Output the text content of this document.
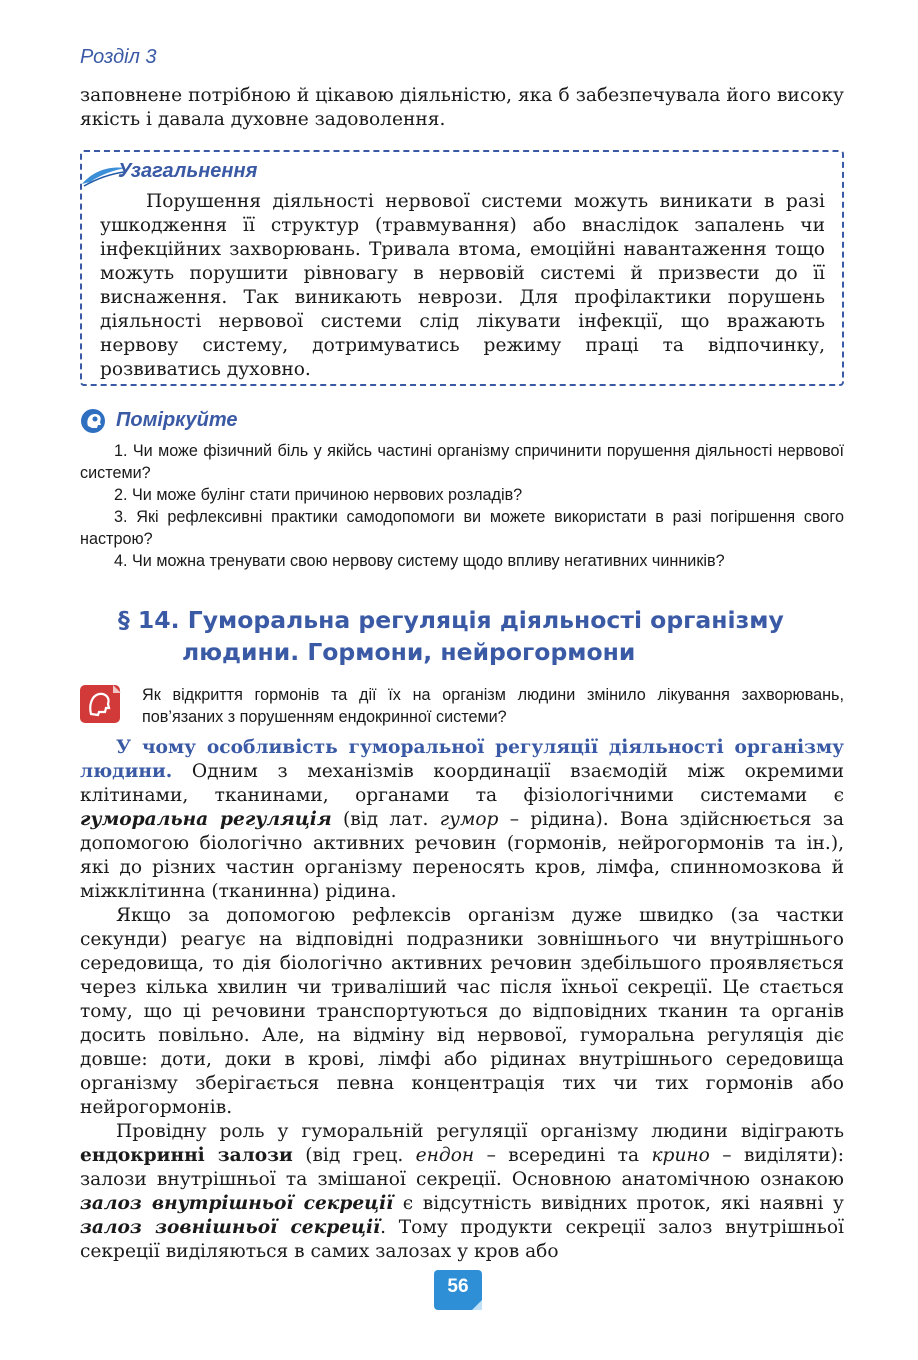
Розділ 3

заповнене потрібною й цікавою діяльністю, яка б забезпечувала його високу якість і давала духовне задоволення.

Узагальнення

Порушення діяльності нервової системи можуть виникати в разі ушкодження її структур (травмування) або внаслідок запалень чи інфекційних захворювань. Тривала втома, емоційні навантаження тощо можуть порушити рівновагу в нервовій системі й призвести до її виснаження. Так виникають неврози. Для профілактики порушень діяльності нервової системи слід лікувати інфекції, що вражають нервову систему, дотримуватись режиму праці та відпочинку, розвиватись духовно.

Поміркуйте

1. Чи може фізичний біль у якійсь частині організму спричинити порушення діяльності нервової системи?

2. Чи може булінг стати причиною нервових розладів?

3. Які рефлексивні практики самодопомоги ви можете використати в разі погіршення свого настрою?

4. Чи можна тренувати свою нервову систему щодо впливу негативних чинників?

§ 14. Гуморальна регуляція діяльності організму
людини. Гормони, нейрогормони
Як відкриття гормонів та дії їх на організм людини змінило лікування захворювань, пов’язаних з порушенням ендокринної системи?

У чому особливість гуморальної регуляції діяльності організму людини. Одним з механізмів координації взаємодій між окремими клітинами, тканинами, органами та фізіологічними системами є гуморальна регуляція (від лат. гумор – рідина). Вона здійснюється за допомогою біологічно активних речовин (гормонів, нейрогормонів та ін.), які до різних частин організму переносять кров, лімфа, спинномозкова й міжклітинна (тканинна) рідина.

Якщо за допомогою рефлексів організм дуже швидко (за частки секунди) реагує на відповідні подразники зовнішнього чи внутрішнього середовища, то дія біологічно активних речовин здебільшого проявляється через кілька хвилин чи триваліший час після їхньої секреції. Це стається тому, що ці речовини транспортуються до відповідних тканин та органів досить повільно. Але, на відміну від нервової, гуморальна регуляція діє довше: доти, доки в крові, лімфі або рідинах внутрішнього середовища організму зберігається певна концентрація тих чи тих гормонів або нейрогормонів.

Провідну роль у гуморальній регуляції організму людини відіграють ендокринні залози (від грец. ендон – всередині та крино – виділяти): залози внутрішньої та змішаної секреції. Основною анатомічною ознакою залоз внутрішньої секреції є відсутність вивідних проток, які наявні у залоз зовнішньої секреції. Тому продукти секреції залоз внутрішньої секреції виділяються в самих залозах у кров або

56
